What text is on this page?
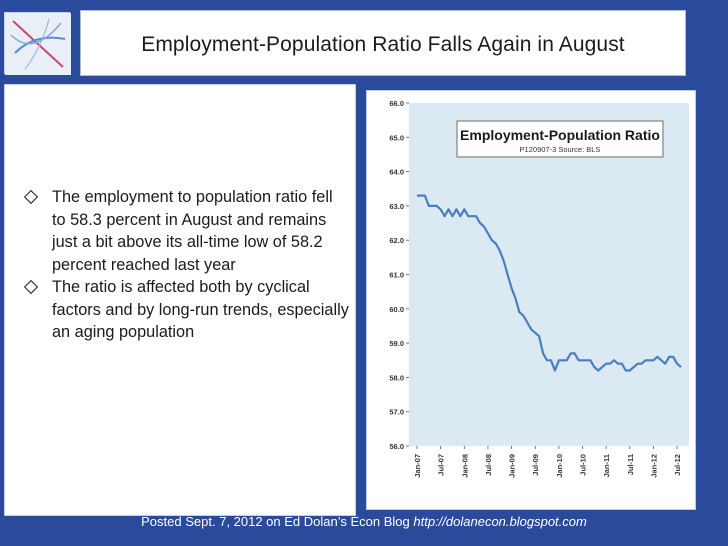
Employment-Population Ratio Falls Again in August
The employment to population ratio fell to 58.3 percent in August and remains just a bit above its all-time low of 58.2 percent reached last year
The ratio is affected both by cyclical factors and by long-run trends, especially an aging population
56.0
57.0
58.0
59.0
60.0
61.0
62.0
63.0
64.0
65.0
66.0
Jan-07 Jul-07 Jan-08 Jul-08 Jan-09 Jul-09 Jan-10 Jul-10 Jan-11 Jul-11 Jan-12 Jul-12
Employment-Population Ratio
P120907-3 Source: BLS
Posted Sept. 7, 2012 on Ed Dolan’s Econ Blog http://dolanecon.blogspot.com
